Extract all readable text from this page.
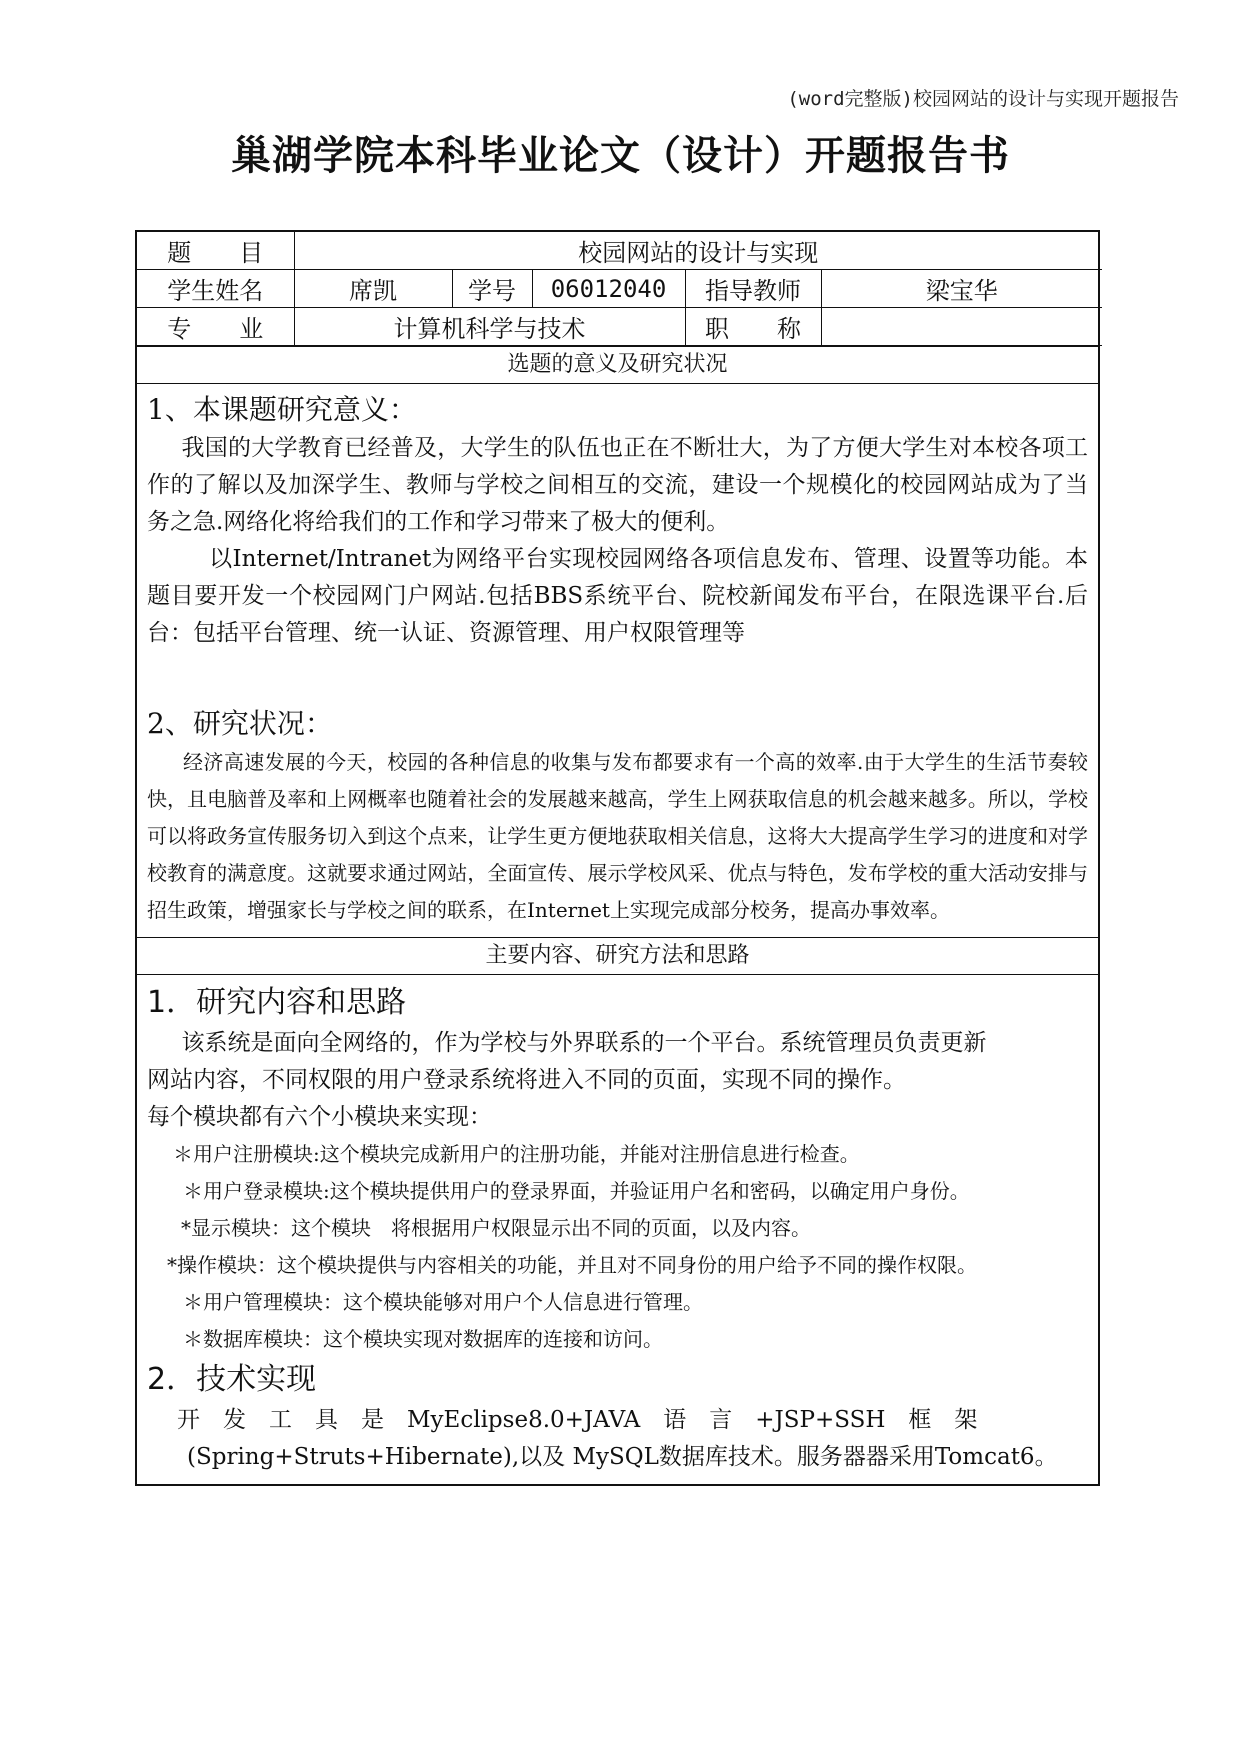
(word完整版)校园网站的设计与实现开题报告
巢湖学院本科毕业论文（设计）开题报告书
题　　目	校园网站的设计与实现				
学生姓名	席凯	学号	06012040	指导教师	梁宝华
专　　业	计算机科学与技术			职　　称	
选题的意义及研究状况
1、本课题研究意义：
我国的大学教育已经普及，大学生的队伍也正在不断壮大，为了方便大学生对本校各项工作的了解以及加深学生、教师与学校之间相互的交流，建设一个规模化的校园网站成为了当务之急.网络化将给我们的工作和学习带来了极大的便利。
以Internet/Intranet为网络平台实现校园网络各项信息发布、管理、设置等功能。本题目要开发一个校园网门户网站.包括BBS系统平台、院校新闻发布平台，在限选课平台.后台：包括平台管理、统一认证、资源管理、用户权限管理等
2、研究状况：
经济高速发展的今天，校园的各种信息的收集与发布都要求有一个高的效率.由于大学生的生活节奏较快，且电脑普及率和上网概率也随着社会的发展越来越高，学生上网获取信息的机会越来越多。所以，学校可以将政务宣传服务切入到这个点来，让学生更方便地获取相关信息，这将大大提高学生学习的进度和对学校教育的满意度。这就要求通过网站，全面宣传、展示学校风采、优点与特色，发布学校的重大活动安排与招生政策，增强家长与学校之间的联系，在Internet上实现完成部分校务，提高办事效率。
主要内容、研究方法和思路
1．研究内容和思路
该系统是面向全网络的，作为学校与外界联系的一个平台。系统管理员负责更新
网站内容，不同权限的用户登录系统将进入不同的页面，实现不同的操作。
每个模块都有六个小模块来实现：
＊用户注册模块:这个模块完成新用户的注册功能，并能对注册信息进行检查。
＊用户登录模块:这个模块提供用户的登录界面，并验证用户名和密码，以确定用户身份。
*显示模块：这个模块　将根据用户权限显示出不同的页面，以及内容。
*操作模块：这个模块提供与内容相关的功能，并且对不同身份的用户给予不同的操作权限。
＊用户管理模块：这个模块能够对用户个人信息进行管理。
＊数据库模块：这个模块实现对数据库的连接和访问。
2．技术实现
开　发　工　具　是　MyEclipse8.0+JAVA　语　言　+JSP+SSH　框　架
(Spring+Struts+Hibernate),以及 MySQL数据库技术。服务器器采用Tomcat6。
